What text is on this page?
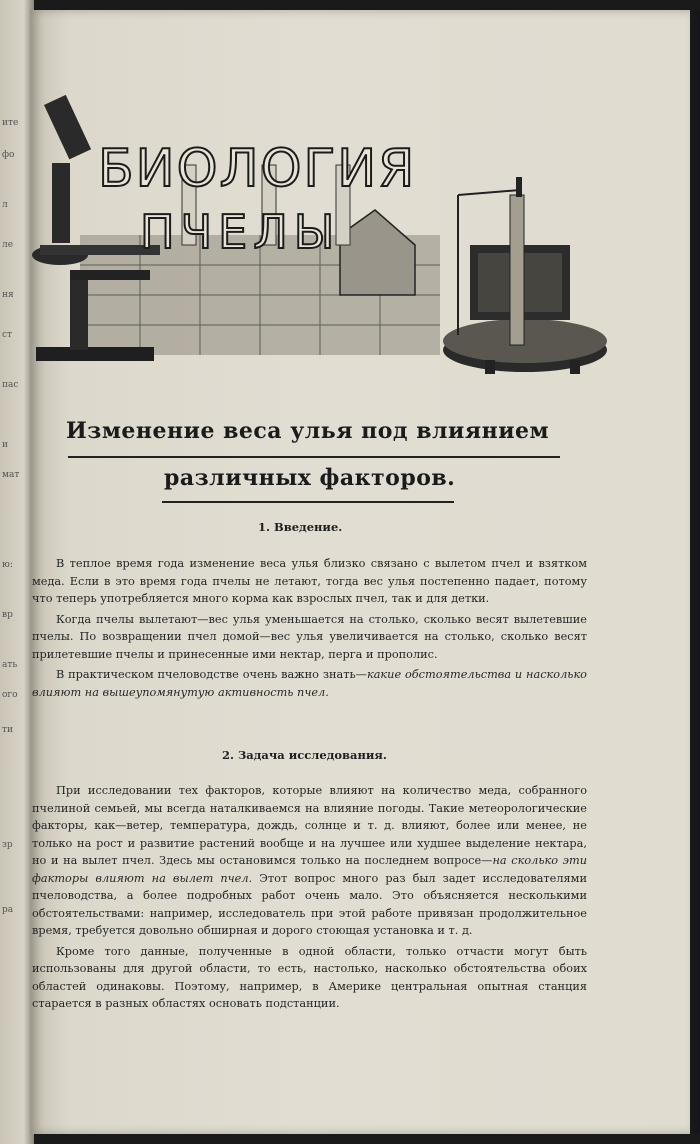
ите
фо
л
ле
ня
ст
пас
и
мат
ю:
вр
ать
ого
ти
зр
ра
БИОЛОГИЯ
ПЧЕЛЫ
Изменение веса улья под влиянием
различных факторов.
1. Введение.

В теплое время года изменение веса улья близко связано с вылетом пчел и взятком меда. Если в это время года пчелы не летают, тогда вес улья постепенно падает, потому что теперь употребляется много корма как взрослых пчел, так и для детки.

Когда пчелы вылетают—вес улья уменьшается на столько, сколько весят вылетевшие пчелы. По возвращении пчел домой—вес улья увеличивается на столько, сколько весят прилетевшие пчелы и принесенные ими нектар, перга и прополис.

В практическом пчеловодстве очень важно знать—какие обстоятельства и насколько влияют на вышеупомянутую активность пчел.

2. Задача исследования.

При исследовании тех факторов, которые влияют на количество меда, собранного пчелиной семьей, мы всегда наталкиваемся на влияние погоды. Такие метеорологические факторы, как—ветер, температура, дождь, солнце и т. д. влияют, более или менее, не только на рост и развитие растений вообще и на лучшее или худшее выделение нектара, но и на вылет пчел. Здесь мы остановимся только на последнем вопросе—на сколько эти факторы влияют на вылет пчел. Этот вопрос много раз был задет исследователями пчеловодства, а более подробных работ очень мало. Это объясняется несколькими обстоятельствами: например, исследователь при этой работе привязан продолжительное время, требуется довольно обширная и дорого стоющая установка и т. д.

Кроме того данные, полученные в одной области, только отчасти могут быть использованы для другой области, то есть, настолько, насколько обстоятельства обоих областей одинаковы. Поэтому, например, в Америке центральная опытная станция старается в разных областях основать подстанции.
